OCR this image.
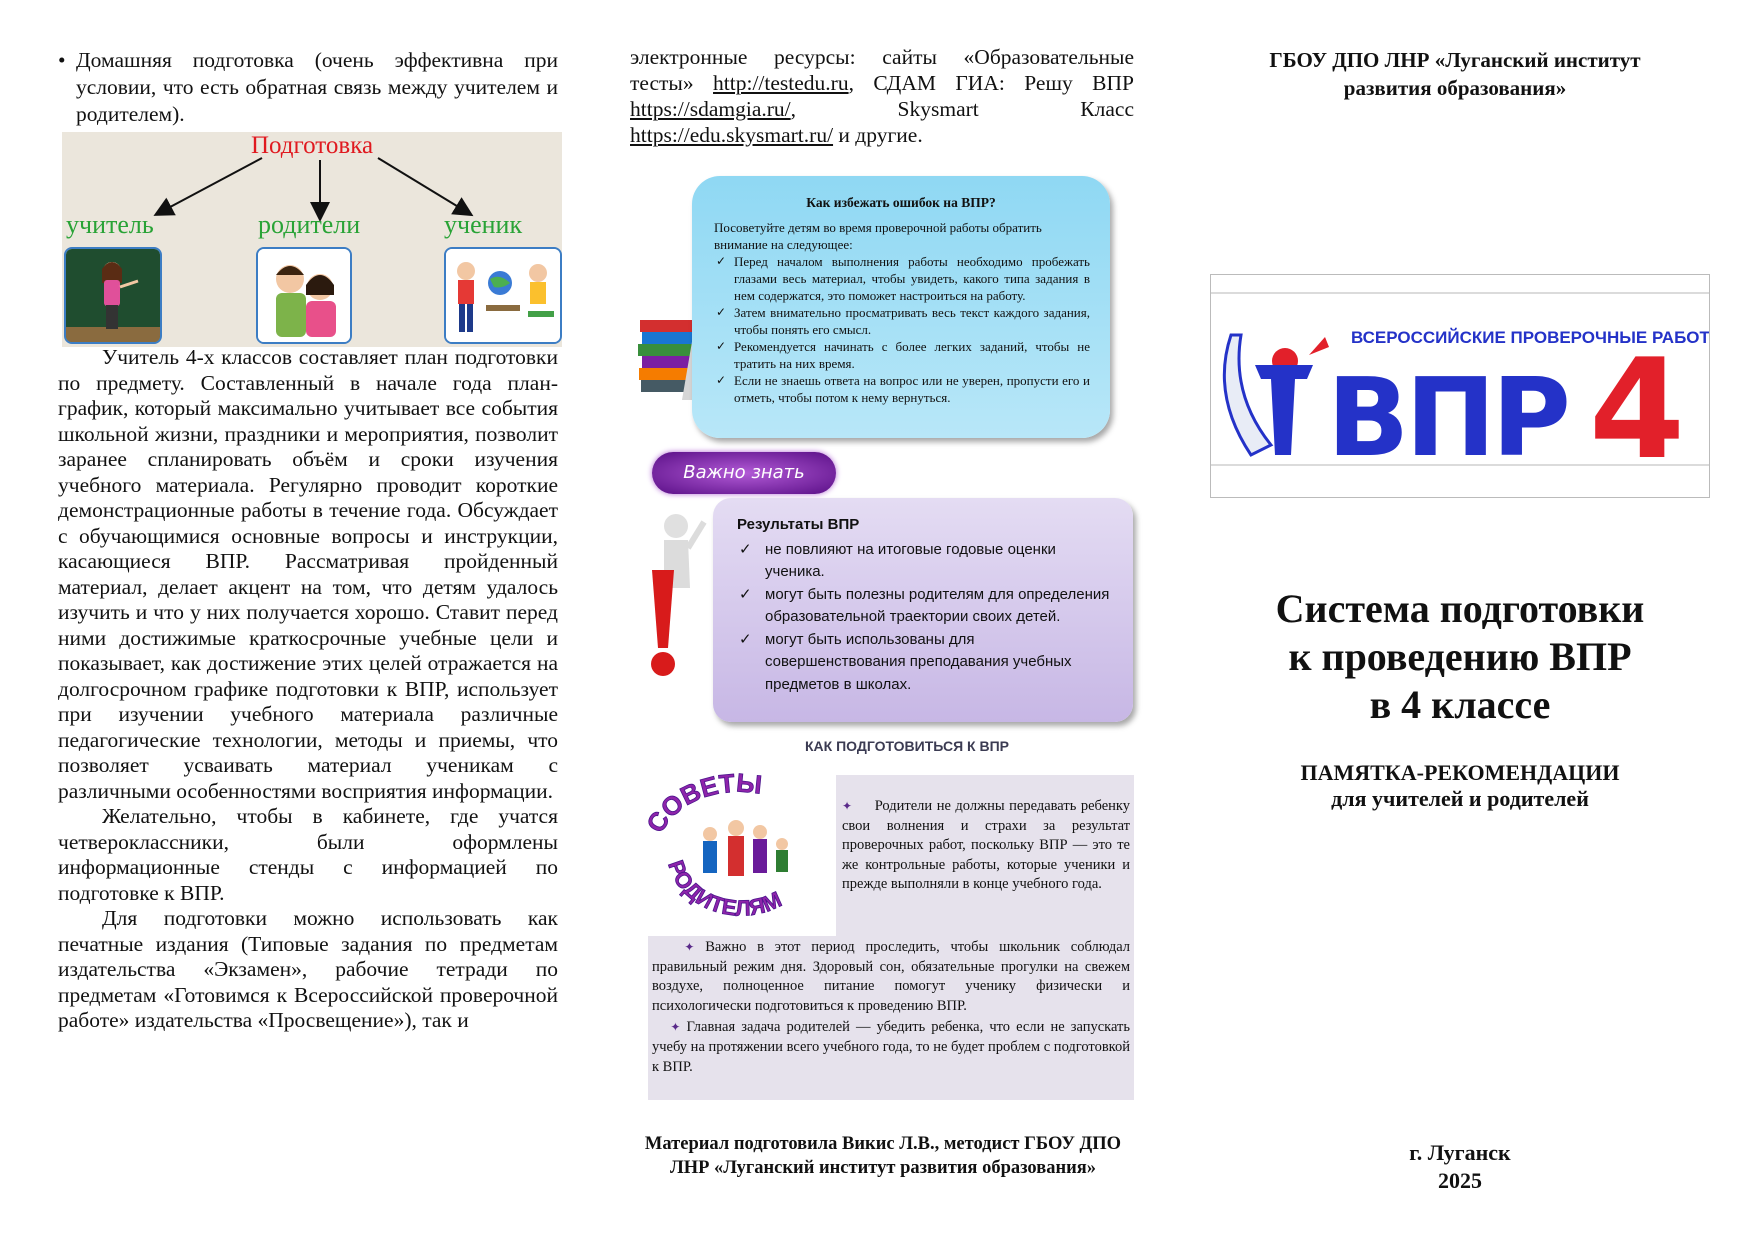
• Домашняя подготовка (очень эффективна при условии, что есть обратная связь между учителем и родителем).
Подготовка
учитель	родители	ученик

Учитель 4-х классов составляет план подготовки по предмету. Составленный в начале года план-график, который максимально учитывает все события школьной жизни, праздники и мероприятия, позволит заранее спланировать объём и сроки изучения учебного материала. Регулярно проводит короткие демонстрационные работы в течение года. Обсуждает с обучающимися основные вопросы и инструкции, касающиеся ВПР. Рассматривая пройденный материал, делает акцент на том, что детям удалось изучить и что у них получается хорошо. Ставит перед ними достижимые краткосрочные учебные цели и показывает, как достижение этих целей отражается на долгосрочном графике подготовки к ВПР, использует при изучении учебного материала различные педагогические технологии, методы и приемы, что позволяет усваивать материал ученикам с различными особенностями восприятия информации.

Желательно, чтобы в кабинете, где учатся четвероклассники, были оформлены информационные стенды с информацией по подготовке к ВПР.

Для подготовки можно использовать как печатные издания (Типовые задания по предметам издательства «Экзамен», рабочие тетради по предметам «Готовимся к Всероссийской проверочной работе» издательства «Просвещение»), так и

электронные ресурсы: сайты «Образовательные тесты» http://testedu.ru, СДАМ ГИА: Решу ВПР https://sdamgia.ru/, Skysmart Класс https://edu.skysmart.ru/ и другие.
Как избежать ошибок на ВПР?
Посоветуйте детям во время проверочной работы обратить внимание на следующее:
✓ Перед началом выполнения работы необходимо пробежать глазами весь материал, чтобы увидеть, какого типа задания в нем содержатся, это поможет настроиться на работу.
✓ Затем внимательно просматривать весь текст каждого задания, чтобы понять его смысл.
✓ Рекомендуется начинать с более легких заданий, чтобы не тратить на них время.
✓ Если не знаешь ответа на вопрос или не уверен, пропусти его и отметь, чтобы потом к нему вернуться.
Важно знать
Результаты ВПР
✓ не повлияют на итоговые годовые оценки ученика.
✓ могут быть полезны родителям для определения образовательной траектории своих детей.
✓ могут быть использованы для совершенствования преподавания учебных предметов в школах.
КАК ПОДГОТОВИТЬСЯ К ВПР
СОВЕТЫ
РОДИТЕЛЯМ

✦ Родители не должны передавать ребенку свои волнения и страхи за результат проверочных работ, поскольку ВПР — это те же контрольные работы, которые ученики и прежде выполняли в конце учебного года.

✦ Важно в этот период проследить, чтобы школьник соблюдал правильный режим дня. Здоровый сон, обязательные прогулки на свежем воздухе, полноценное питание помогут ученику физически и психологически подготовиться к проведению ВПР.

✦ Главная задача родителей — убедить ребенка, что если не запускать учебу на протяжении всего учебного года, то не будет проблем с подготовкой к ВПР.

Материал подготовила Викис Л.В., методист ГБОУ ДПО ЛНР «Луганский институт развития образования»
ГБОУ ДПО ЛНР «Луганский институт развития образования»
ВСЕРОССИЙСКИЕ ПРОВЕРОЧНЫЕ РАБОТЫ
ВПР 4
Система подготовки
к проведению ВПР
в 4 классе
ПАМЯТКА-РЕКОМЕНДАЦИИ
для учителей и родителей
г. Луганск
2025
